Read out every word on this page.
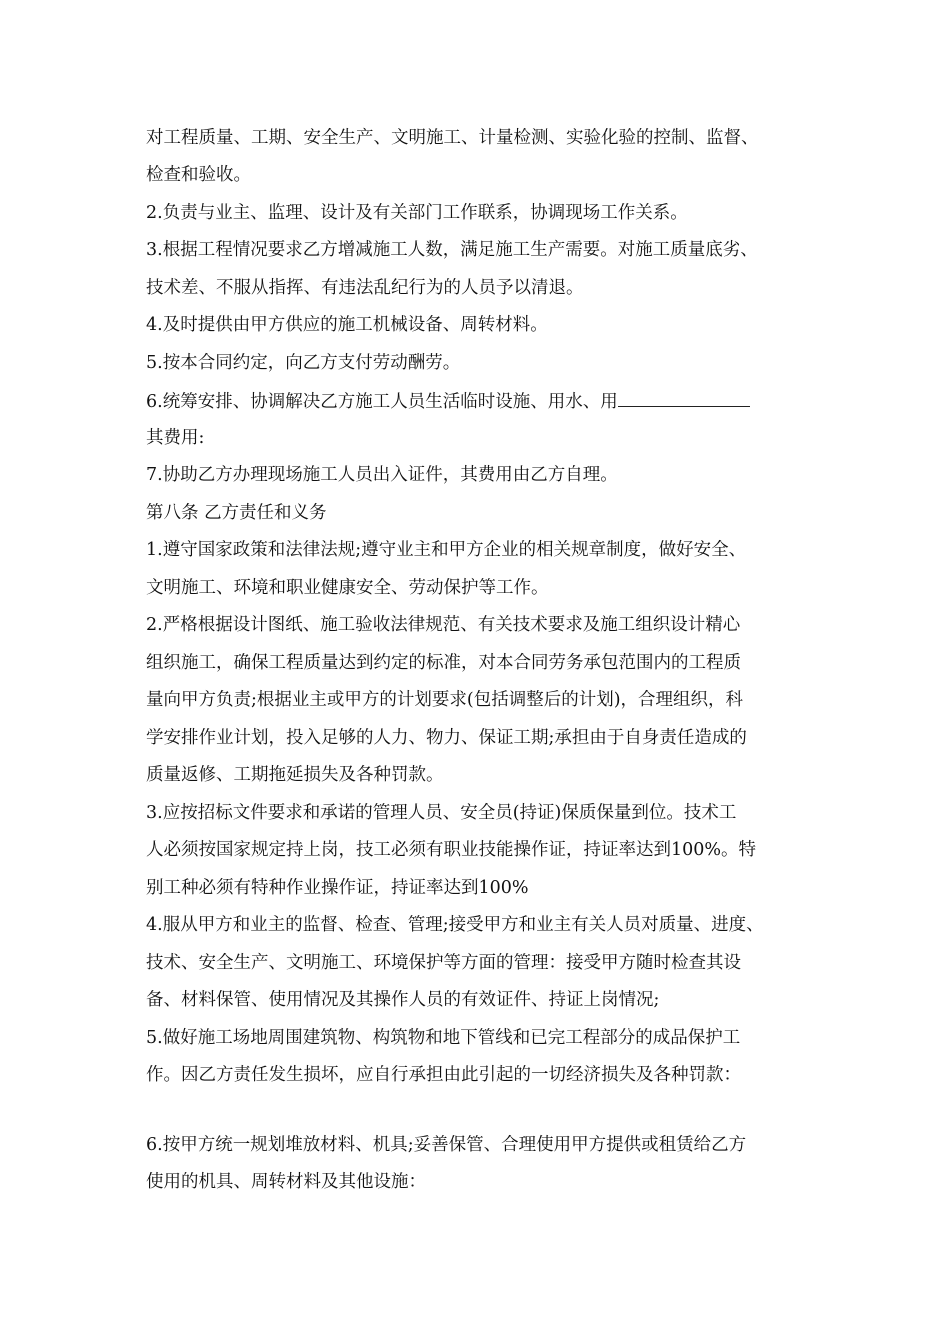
对工程质量、工期、安全生产、文明施工、计量检测、实验化验的控制、监督、
检查和验收。
2.负责与业主、监理、设计及有关部门工作联系，协调现场工作关系。
3.根据工程情况要求乙方增减施工人数，满足施工生产需要。对施工质量底劣、
技术差、不服从指挥、有违法乱纪行为的人员予以清退。
4.及时提供由甲方供应的施工机械设备、周转材料。
5.按本合同约定，向乙方支付劳动酬劳。
6.统筹安排、协调解决乙方施工人员生活临时设施、用水、用
其费用:
7.协助乙方办理现场施工人员出入证件，其费用由乙方自理。
第八条 乙方责任和义务
1.遵守国家政策和法律法规;遵守业主和甲方企业的相关规章制度，做好安全、
文明施工、环境和职业健康安全、劳动保护等工作。
2.严格根据设计图纸、施工验收法律规范、有关技术要求及施工组织设计精心
组织施工，确保工程质量达到约定的标准，对本合同劳务承包范围内的工程质
量向甲方负责;根据业主或甲方的计划要求(包括调整后的计划)，合理组织，科
学安排作业计划，投入足够的人力、物力、保证工期;承担由于自身责任造成的
质量返修、工期拖延损失及各种罚款。
3.应按招标文件要求和承诺的管理人员、安全员(持证)保质保量到位。技术工
人必须按国家规定持上岗，技工必须有职业技能操作证，持证率达到100%。特
别工种必须有特种作业操作证，持证率达到100%
4.服从甲方和业主的监督、检查、管理;接受甲方和业主有关人员对质量、进度、
技术、安全生产、文明施工、环境保护等方面的管理：接受甲方随时检查其设
备、材料保管、使用情况及其操作人员的有效证件、持证上岗情况;
5.做好施工场地周围建筑物、构筑物和地下管线和已完工程部分的成品保护工
作。因乙方责任发生损坏，应自行承担由此引起的一切经济损失及各种罚款：
6.按甲方统一规划堆放材料、机具;妥善保管、合理使用甲方提供或租赁给乙方
使用的机具、周转材料及其他设施：
